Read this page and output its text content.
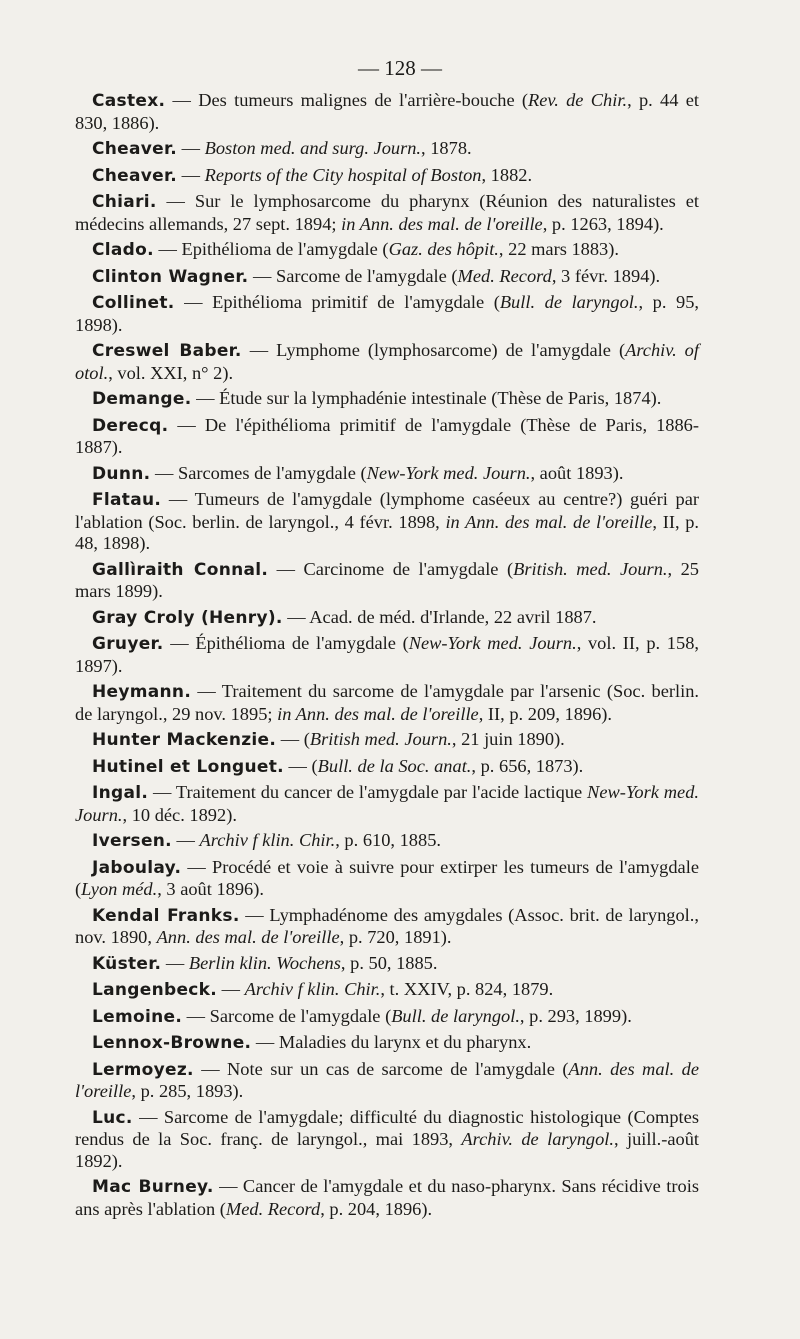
— 128 —

Castex. — Des tumeurs malignes de l'arrière-bouche (Rev. de Chir., p. 44 et 830, 1886).

Cheaver. — Boston med. and surg. Journ., 1878.

Cheaver. — Reports of the City hospital of Boston, 1882.

Chiari. — Sur le lymphosarcome du pharynx (Réunion des naturalistes et médecins allemands, 27 sept. 1894; in Ann. des mal. de l'oreille, p. 1263, 1894).

Clado. — Epithélioma de l'amygdale (Gaz. des hôpit., 22 mars 1883).

Clinton Wagner. — Sarcome de l'amygdale (Med. Record, 3 févr. 1894).

Collinet. — Epithélioma primitif de l'amygdale (Bull. de laryngol., p. 95, 1898).

Creswel Baber. — Lymphome (lymphosarcome) de l'amygdale (Archiv. of otol., vol. XXI, n° 2).

Demange. — Étude sur la lymphadénie intestinale (Thèse de Paris, 1874).

Derecq. — De l'épithélioma primitif de l'amygdale (Thèse de Paris, 1886-1887).

Dunn. — Sarcomes de l'amygdale (New-York med. Journ., août 1893).

Flatau. — Tumeurs de l'amygdale (lymphome caséeux au centre?) guéri par l'ablation (Soc. berlin. de laryngol., 4 févr. 1898, in Ann. des mal. de l'oreille, II, p. 48, 1898).

Gallìraith Connal. — Carcinome de l'amygdale (British. med. Journ., 25 mars 1899).

Gray Croly (Henry). — Acad. de méd. d'Irlande, 22 avril 1887.

Gruyer. — Épithélioma de l'amygdale (New-York med. Journ., vol. II, p. 158, 1897).

Heymann. — Traitement du sarcome de l'amygdale par l'arsenic (Soc. berlin. de laryngol., 29 nov. 1895; in Ann. des mal. de l'oreille, II, p. 209, 1896).

Hunter Mackenzie. — (British med. Journ., 21 juin 1890).

Hutinel et Longuet. — (Bull. de la Soc. anat., p. 656, 1873).

Ingal. — Traitement du cancer de l'amygdale par l'acide lactique New-York med. Journ., 10 déc. 1892).

Iversen. — Archiv f klin. Chir., p. 610, 1885.

Jaboulay. — Procédé et voie à suivre pour extirper les tumeurs de l'amygdale (Lyon méd., 3 août 1896).

Kendal Franks. — Lymphadénome des amygdales (Assoc. brit. de laryngol., nov. 1890, Ann. des mal. de l'oreille, p. 720, 1891).

Küster. — Berlin klin. Wochens, p. 50, 1885.

Langenbeck. — Archiv f klin. Chir., t. XXIV, p. 824, 1879.

Lemoine. — Sarcome de l'amygdale (Bull. de laryngol., p. 293, 1899).

Lennox-Browne. — Maladies du larynx et du pharynx.

Lermoyez. — Note sur un cas de sarcome de l'amygdale (Ann. des mal. de l'oreille, p. 285, 1893).

Luc. — Sarcome de l'amygdale; difficulté du diagnostic histologique (Comptes rendus de la Soc. franç. de laryngol., mai 1893, Archiv. de laryngol., juill.-août 1892).

Mac Burney. — Cancer de l'amygdale et du naso-pharynx. Sans récidive trois ans après l'ablation (Med. Record, p. 204, 1896).
